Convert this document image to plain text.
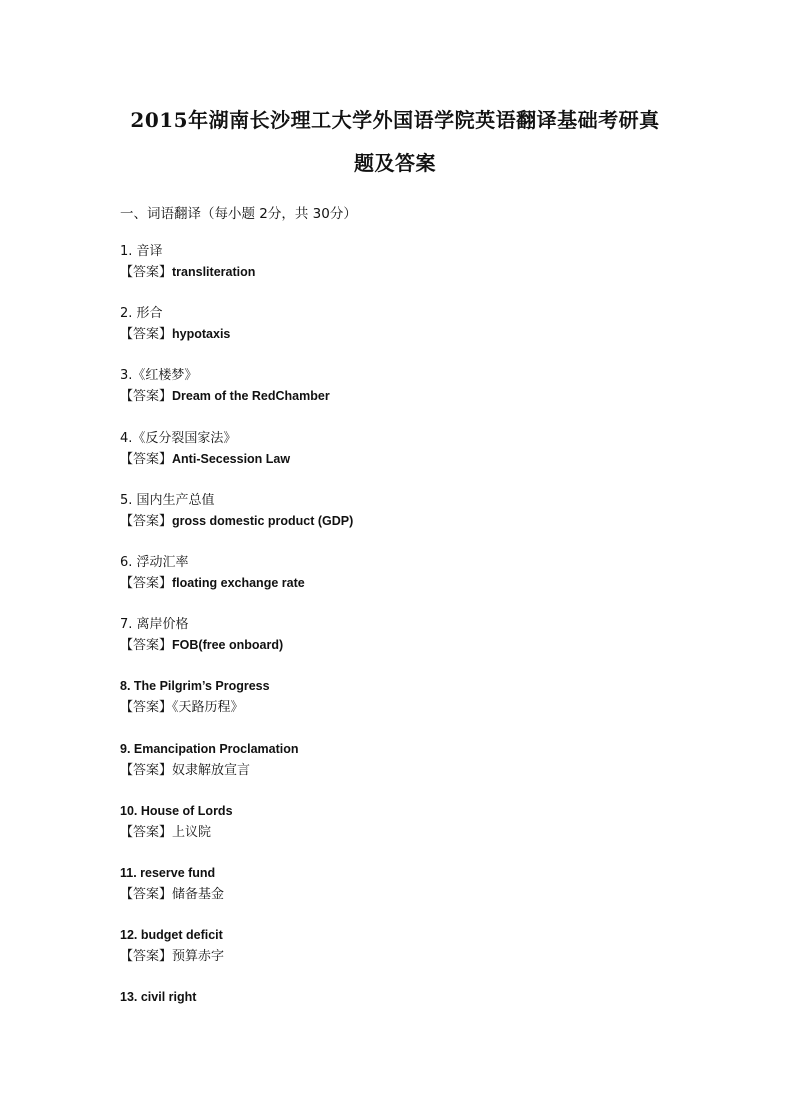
2015年湖南长沙理工大学外国语学院英语翻译基础考研真
题及答案
一、词语翻译（每小题 2分，共 30分）
1. 音译
【答案】transliteration
2. 形合
【答案】hypotaxis
3.《红楼梦》
【答案】Dream of the RedChamber
4.《反分裂国家法》
【答案】Anti-Secession Law
5. 国内生产总值
【答案】gross domestic product (GDP)
6. 浮动汇率
【答案】floating exchange rate
7. 离岸价格
【答案】FOB(free onboard)
8. The Pilgrim’s Progress
【答案】《天路历程》
9. Emancipation Proclamation
【答案】奴隶解放宣言
10. House of Lords
【答案】上议院
11. reserve fund
【答案】储备基金
12. budget deficit
【答案】预算赤字
13. civil right
